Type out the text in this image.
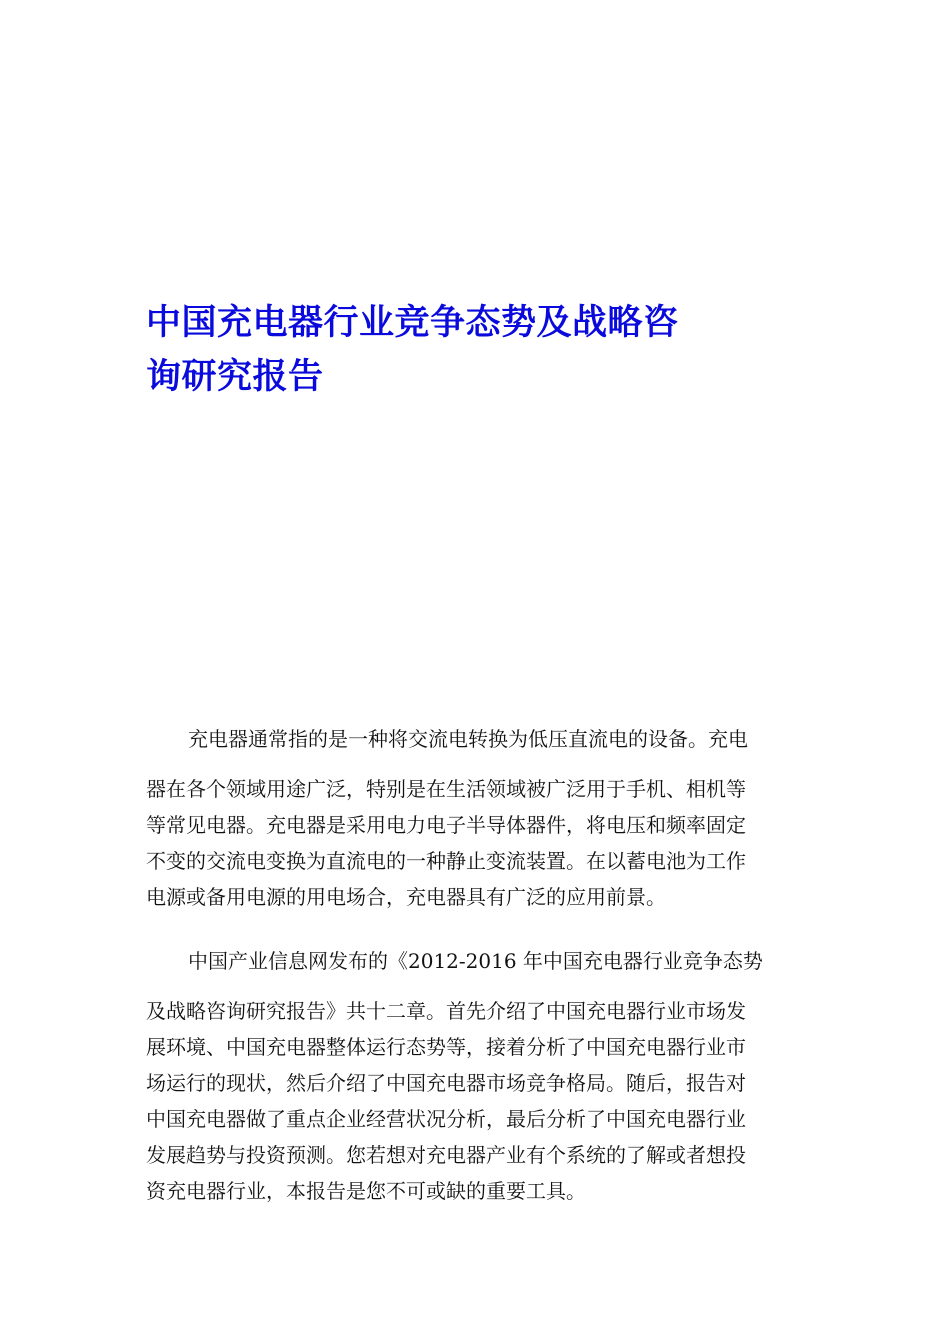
中国充电器行业竞争态势及战略咨
询研究报告
充电器通常指的是一种将交流电转换为低压直流电的设备。充电
器在各个领域用途广泛，特别是在生活领域被广泛用于手机、相机等
等常见电器。充电器是采用电力电子半导体器件，将电压和频率固定
不变的交流电变换为直流电的一种静止变流装置。在以蓄电池为工作
电源或备用电源的用电场合，充电器具有广泛的应用前景。
中国产业信息网发布的《2012-2016 年中国充电器行业竞争态势
及战略咨询研究报告》共十二章。首先介绍了中国充电器行业市场发
展环境、中国充电器整体运行态势等，接着分析了中国充电器行业市
场运行的现状，然后介绍了中国充电器市场竞争格局。随后，报告对
中国充电器做了重点企业经营状况分析，最后分析了中国充电器行业
发展趋势与投资预测。您若想对充电器产业有个系统的了解或者想投
资充电器行业，本报告是您不可或缺的重要工具。
